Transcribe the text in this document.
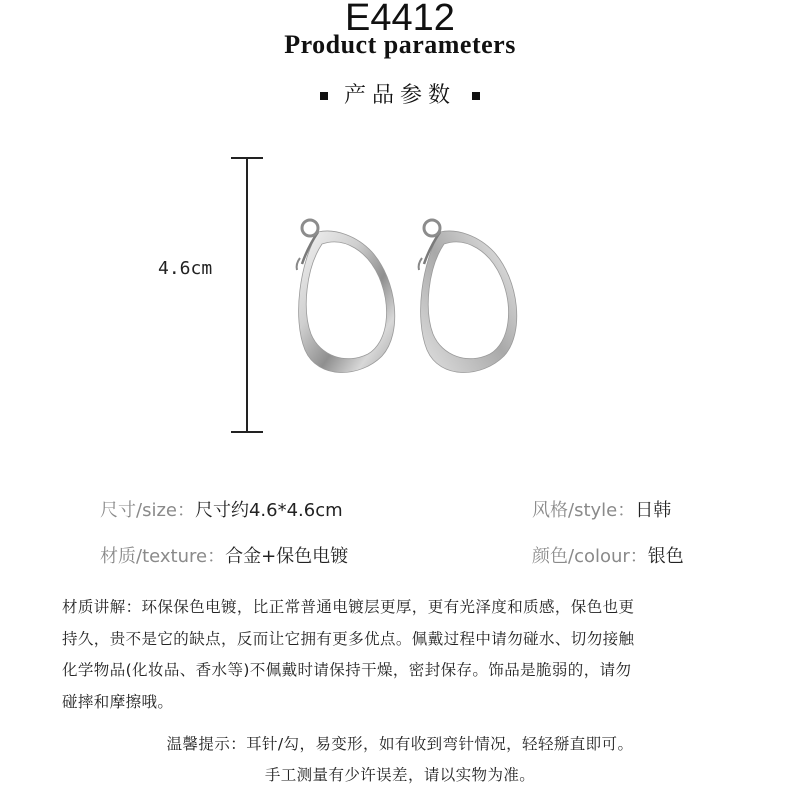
E4412
Product parameters
产品参数
4.6cm
尺寸/size：尺寸约4.6*4.6cm	风格/style：日韩
材质/texture：合金+保色电镀	颜色/colour：银色
材质讲解：环保保色电镀，比正常普通电镀层更厚，更有光泽度和质感，保色也更
持久，贵不是它的缺点，反而让它拥有更多优点。佩戴过程中请勿碰水、切勿接触
化学物品(化妆品、香水等)不佩戴时请保持干燥，密封保存。饰品是脆弱的，请勿
碰摔和摩擦哦。
温馨提示：耳针/勾，易变形，如有收到弯针情况，轻轻掰直即可。
手工测量有少许误差，请以实物为准。
